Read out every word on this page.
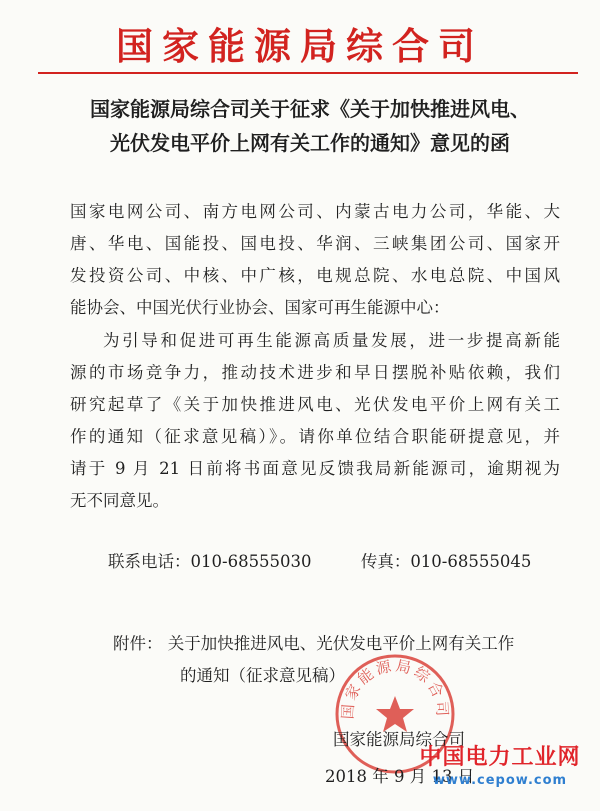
国家能源局综合司
国家能源局综合司关于征求《关于加快推进风电、
光伏发电平价上网有关工作的通知》意见的函
国家电网公司、南方电网公司、内蒙古电力公司，华能、大
唐、华电、国能投、国电投、华润、三峡集团公司、国家开
发投资公司、中核、中广核，电规总院、水电总院、中国风
能协会、中国光伏行业协会、国家可再生能源中心：
为引导和促进可再生能源高质量发展，进一步提高新能
源的市场竞争力，推动技术进步和早日摆脱补贴依赖，我们
研究起草了《关于加快推进风电、光伏发电平价上网有关工
作的通知（征求意见稿）》。请你单位结合职能研提意见，并
请于 9 月 21 日前将书面意见反馈我局新能源司，逾期视为
无不同意见。
联系电话：010-68555030	传真：010-68555045
附件： 关于加快推进风电、光伏发电平价上网有关工作
的通知（征求意见稿）
国家能源局综合司
国家能源局综合司
2018 年 9 月 13 日
中国电力工业网
www.cepow.com
